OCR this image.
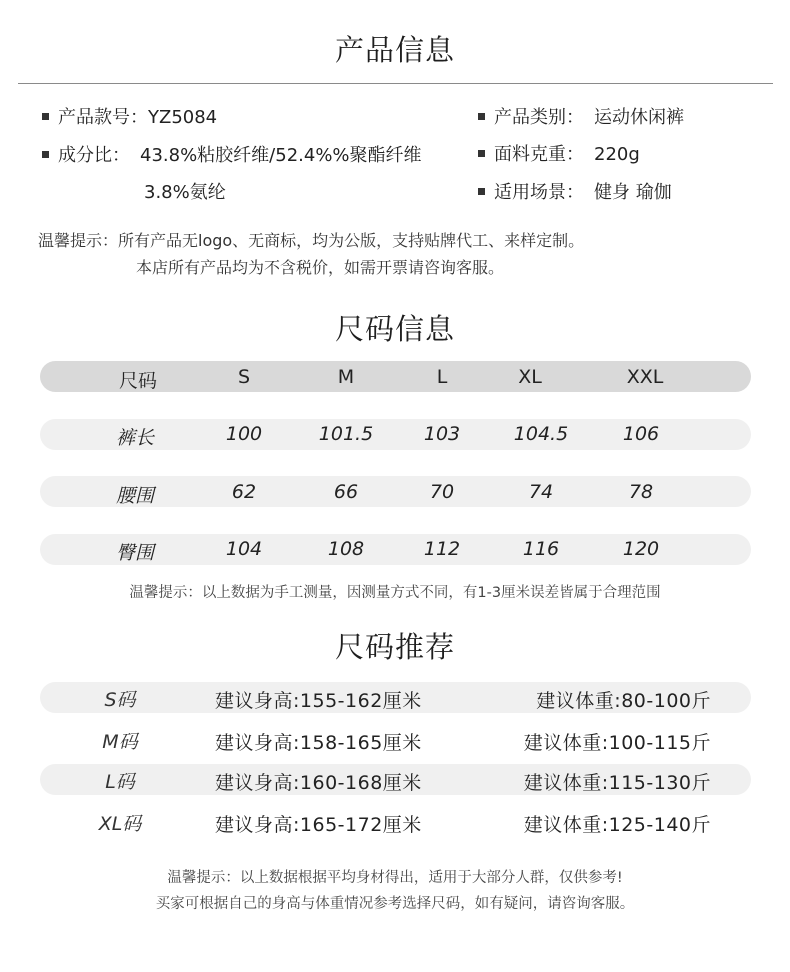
产品信息
产品款号：YZ5084
成分比： 43.8%粘胶纤维/52.4%%聚酯纤维
3.8%氨纶
产品类别： 运动休闲裤
面料克重： 220g
适用场景： 健身 瑜伽
温馨提示：所有产品无logo、无商标，均为公版，支持贴牌代工、来样定制。
本店所有产品均为不含税价，如需开票请咨询客服。
尺码信息
尺码	S	M	L	XL	XXL
裤长	100	101.5	103	104.5	106
腰围	62	66	70	74	78
臀围	104	108	112	116	120
温馨提示：以上数据为手工测量，因测量方式不同，有1-3厘米误差皆属于合理范围
尺码推荐
S码	建议身高:155-162厘米	建议体重:80-100斤
M码	建议身高:158-165厘米	建议体重:100-115斤
L码	建议身高:160-168厘米	建议体重:115-130斤
XL码	建议身高:165-172厘米	建议体重:125-140斤
温馨提示：以上数据根据平均身材得出，适用于大部分人群，仅供参考!
买家可根据自己的身高与体重情况参考选择尺码，如有疑问，请咨询客服。
